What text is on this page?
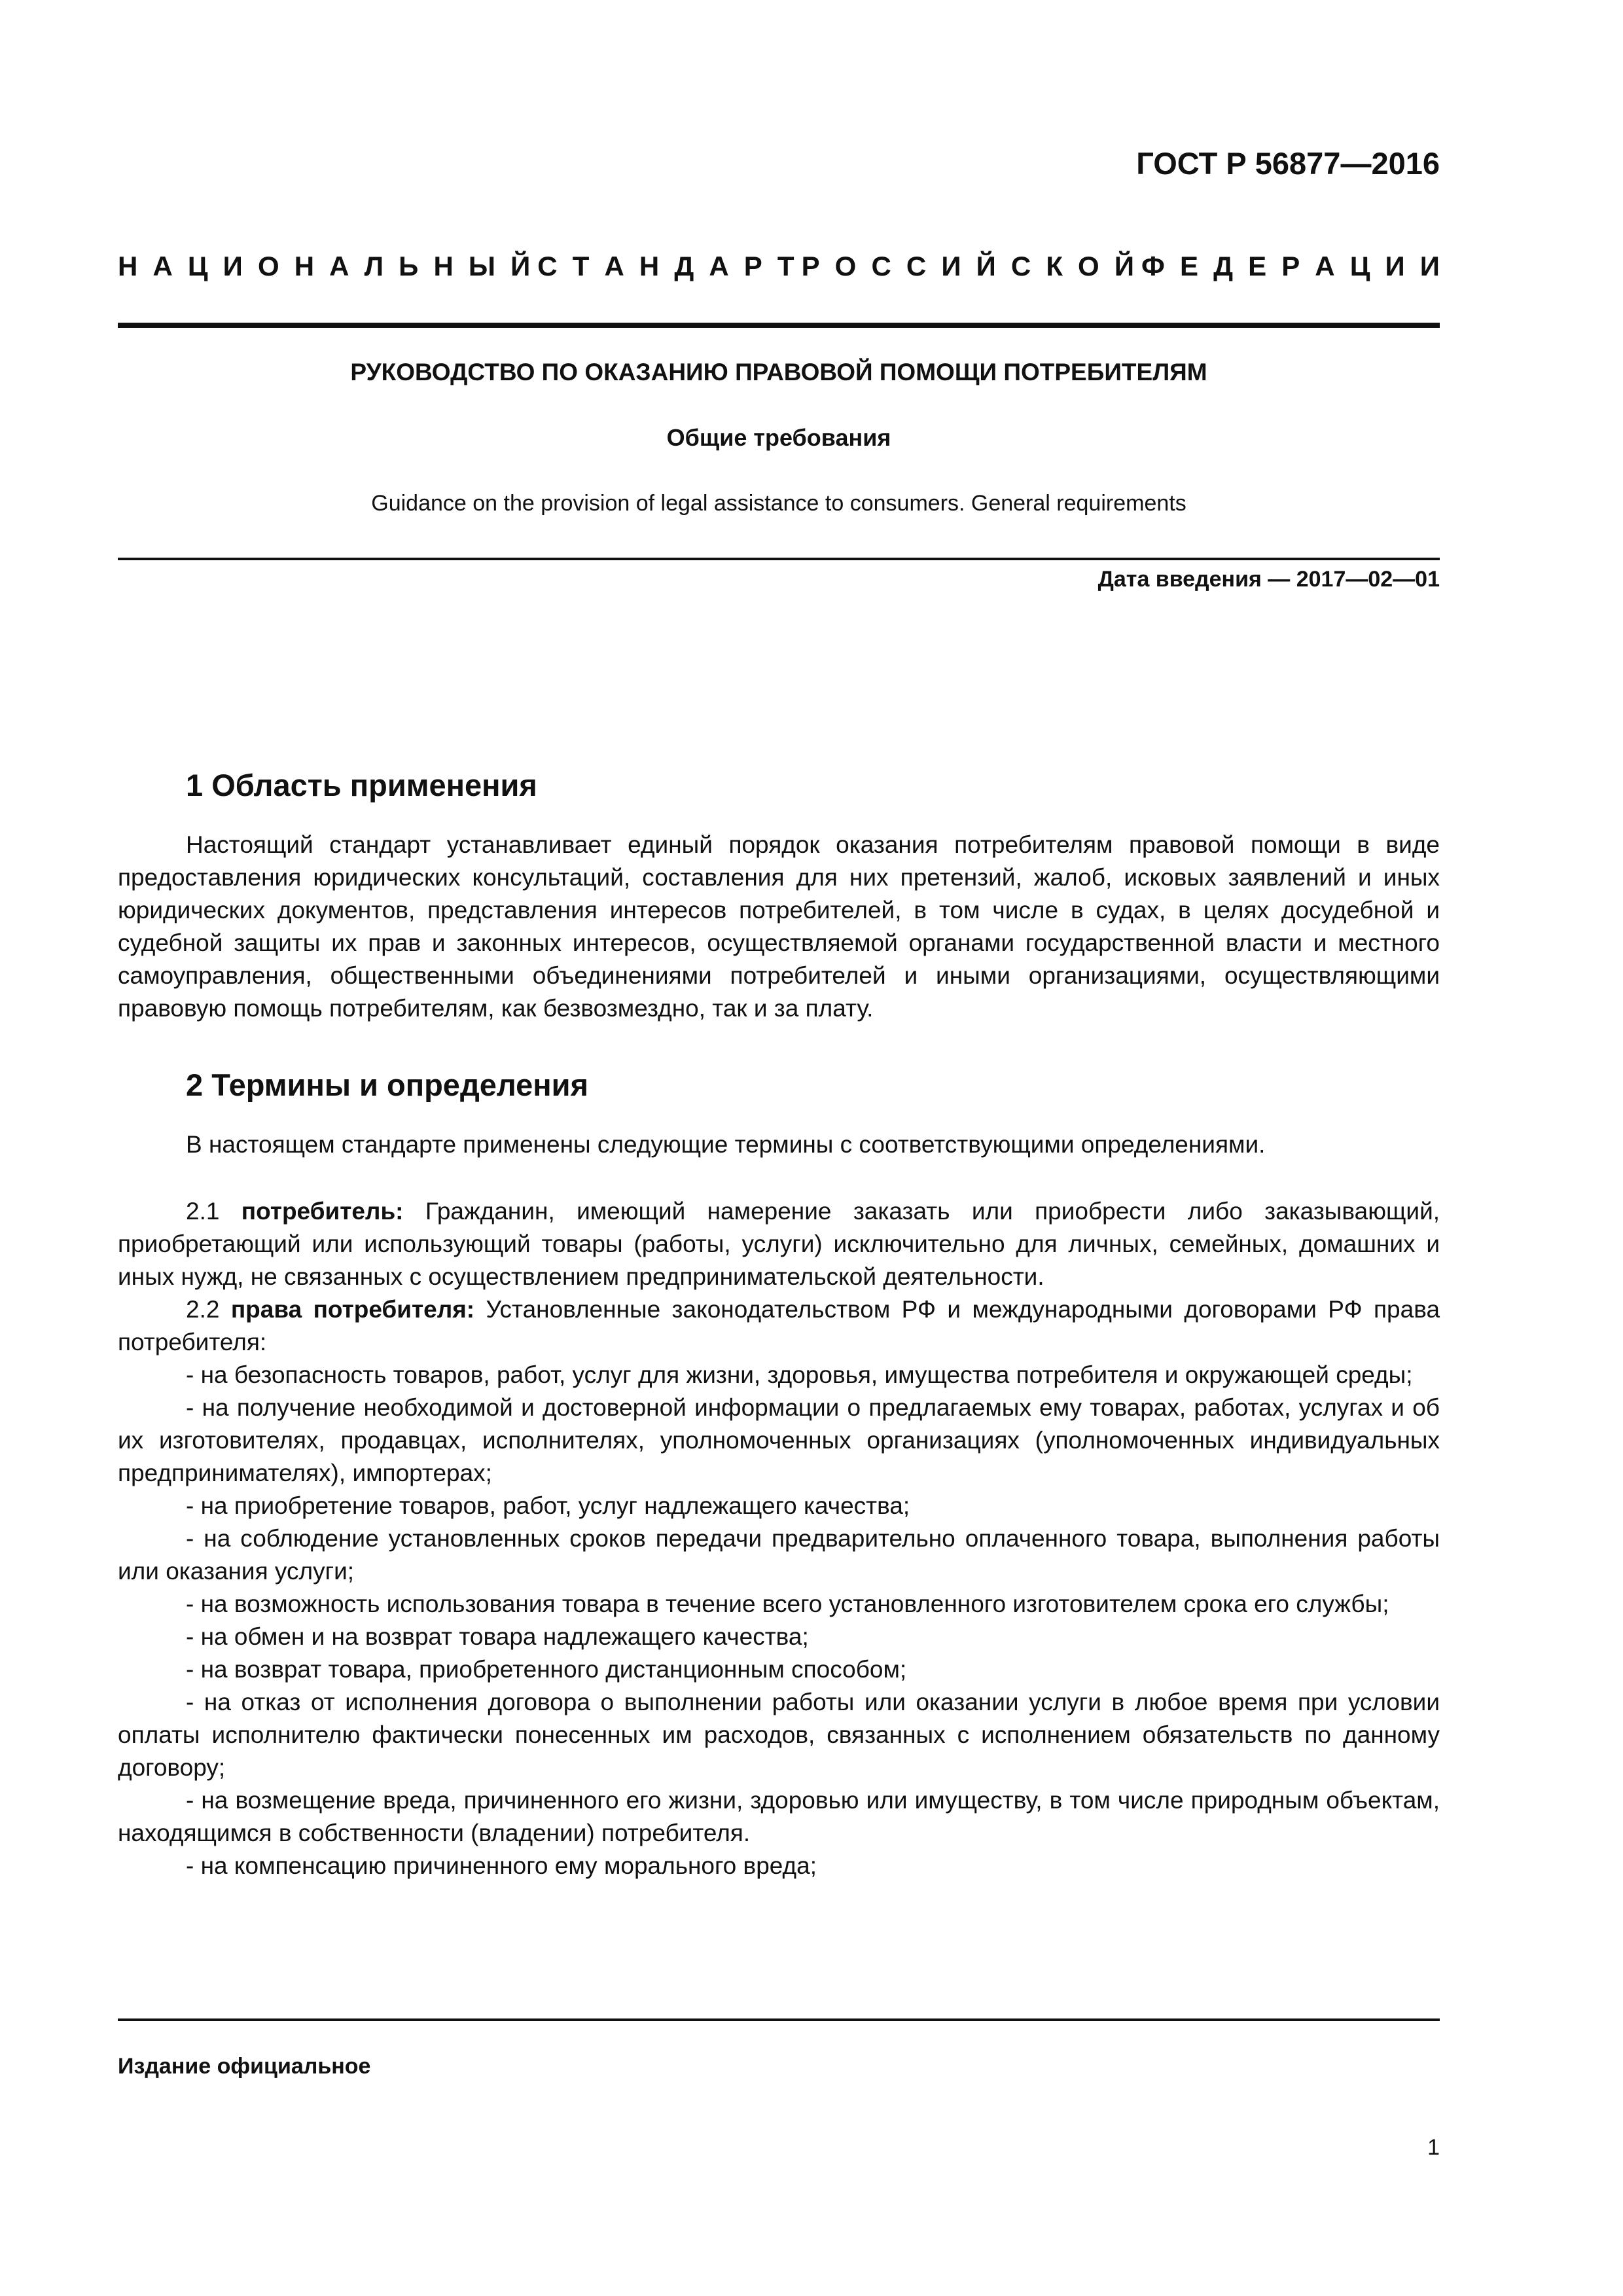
ГОСТ Р 56877—2016
Н А Ц И О Н А Л Ь Н Ы Й С Т А Н Д А Р Т Р О С С И Й С К О Й Ф Е Д Е Р А Ц И И
РУКОВОДСТВО ПО ОКАЗАНИЮ ПРАВОВОЙ ПОМОЩИ ПОТРЕБИТЕЛЯМ
Общие требования
Guidance on the provision of legal assistance to consumers. General requirements
Дата введения — 2017—02—01
1 Область применения

Настоящий стандарт устанавливает единый порядок оказания потребителям правовой помощи в виде предоставления юридических консультаций, составления для них претензий, жалоб, исковых заявлений и иных юридических документов, представления интересов потребителей, в том числе в судах, в целях досудебной и судебной защиты их прав и законных интересов, осуществляемой органами государственной власти и местного самоуправления, общественными объединениями потребителей и иными организациями, осуществляющими правовую помощь потребителям, как безвозмездно, так и за плату.

2 Термины и определения

В настоящем стандарте применены следующие термины с соответствующими определениями.

2.1 потребитель: Гражданин, имеющий намерение заказать или приобрести либо заказывающий, приобретающий или использующий товары (работы, услуги) исключительно для личных, семейных, домашних и иных нужд, не связанных с осуществлением предпринимательской деятельности.

2.2 права потребителя: Установленные законодательством РФ и международными договорами РФ права потребителя:

- на безопасность товаров, работ, услуг для жизни, здоровья, имущества потребителя и окружающей среды;

- на получение необходимой и достоверной информации о предлагаемых ему товарах, работах, услугах и об их изготовителях, продавцах, исполнителях, уполномоченных организациях (уполномоченных индивидуальных предпринимателях), импортерах;

- на приобретение товаров, работ, услуг надлежащего качества;

- на соблюдение установленных сроков передачи предварительно оплаченного товара, выполнения работы или оказания услуги;

- на возможность использования товара в течение всего установленного изготовителем срока его службы;

- на обмен и на возврат товара надлежащего качества;

- на возврат товара, приобретенного дистанционным способом;

- на отказ от исполнения договора о выполнении работы или оказании услуги в любое время при условии оплаты исполнителю фактически понесенных им расходов, связанных с исполнением обязательств по данному договору;

- на возмещение вреда, причиненного его жизни, здоровью или имуществу, в том числе природным объектам, находящимся в собственности (владении) потребителя.

- на компенсацию причиненного ему морального вреда;

Издание официальное
1
